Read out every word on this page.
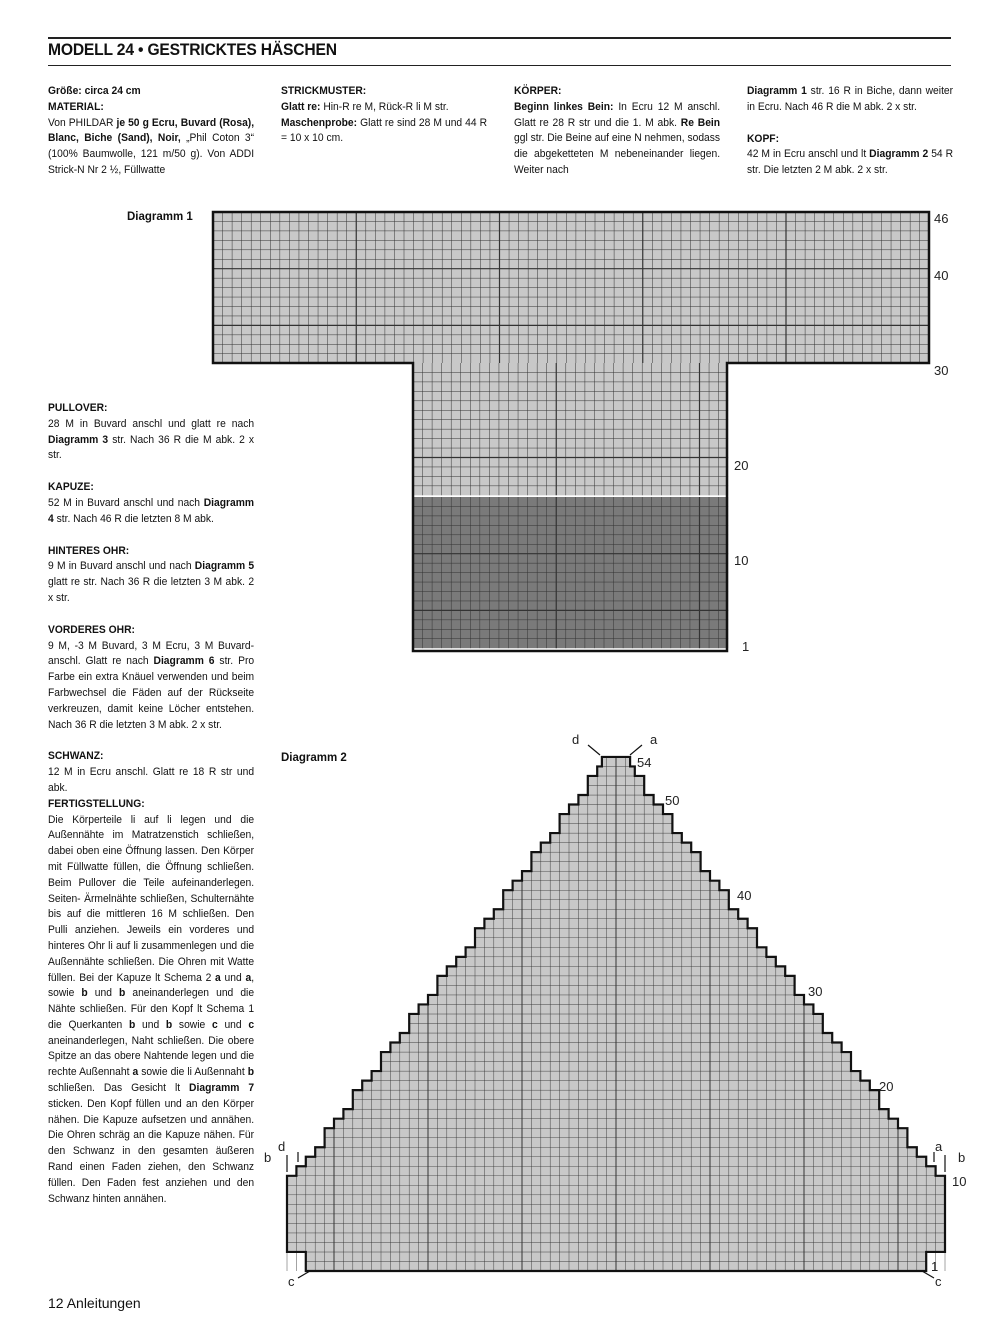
MODELL 24 • GESTRICKTES HÄSCHEN

Größe: circa 24 cm

MATERIAL:

Von PHILDAR je 50 g Ecru, Buvard (Rosa), Blanc, Biche (Sand), Noir, „Phil Coton 3“ (100% Baumwolle, 121 m/50 g). Von ADDI Strick-N Nr 2 ½, Füllwatte

STRICKMUSTER:

Glatt re: Hin-R re M, Rück-R li M str.

Maschenprobe: Glatt re sind 28 M und 44 R = 10 x 10 cm.

KÖRPER:

Beginn linkes Bein: In Ecru 12 M anschl. Glatt re 28 R str und die 1. M abk. Re Bein ggl str. Die Beine auf eine N nehmen, sodass die abgeketteten M nebeneinander liegen. Weiter nach

Diagramm 1 str. 16 R in Biche, dann weiter in Ecru. Nach 46 R die M abk. 2 x str.

KOPF:

42 M in Ecru anschl und lt Diagramm 2 54 R str. Die letzten 2 M abk. 2 x str.

PULLOVER:

28 M in Buvard anschl und glatt re nach Diagramm 3 str. Nach 36 R die M abk. 2 x str.

KAPUZE:

52 M in Buvard anschl und nach Diagramm 4 str. Nach 46 R die letzten 8 M abk.

HINTERES OHR:

9 M in Buvard anschl und nach Diagramm 5 glatt re str. Nach 36 R die letzten 3 M abk. 2 x str.

VORDERES OHR:

9 M, -3 M Buvard, 3 M Ecru, 3 M Buvard-anschl. Glatt re nach Diagramm 6 str. Pro Farbe ein extra Knäuel verwenden und beim Farbwechsel die Fäden auf der Rückseite verkreuzen, damit keine Löcher entstehen. Nach 36 R die letzten 3 M abk. 2 x str.

SCHWANZ:

12 M in Ecru anschl. Glatt re 18 R str und abk.

FERTIGSTELLUNG:

Die Körperteile li auf li legen und die Außennähte im Matratzenstich schließen, dabei oben eine Öffnung lassen. Den Körper mit Füllwatte füllen, die Öffnung schließen. Beim Pullover die Teile aufeinanderlegen. Seiten- Ärmelnähte schließen, Schulternähte bis auf die mittleren 16 M schließen. Den Pulli anziehen. Jeweils ein vorderes und hinteres Ohr li auf li zusammenlegen und die Außennähte schließen. Die Ohren mit Watte füllen. Bei der Kapuze lt Schema 2 a und a, sowie b und b aneinanderlegen und die Nähte schließen. Für den Kopf lt Schema 1 die Querkanten b und b sowie c und c aneinanderlegen, Naht schließen. Die obere Spitze an das obere Nahtende legen und die rechte Außennaht a sowie die li Außennaht b schließen. Das Gesicht lt Diagramm 7 sticken. Den Kopf füllen und an den Körper nähen. Die Kapuze aufsetzen und annähen. Die Ohren schräg an die Kapuze nähen. Für den Schwanz in den gesamten äußeren Rand einen Faden ziehen, den Schwanz füllen. Den Faden fest anziehen und den Schwanz hinten annähen.

Diagramm 1
Diagramm 2
46
40
30
20
10
1
54
50
40
30
20
10
1
d	a
d
b
a
b
c	c
12 Anleitungen
